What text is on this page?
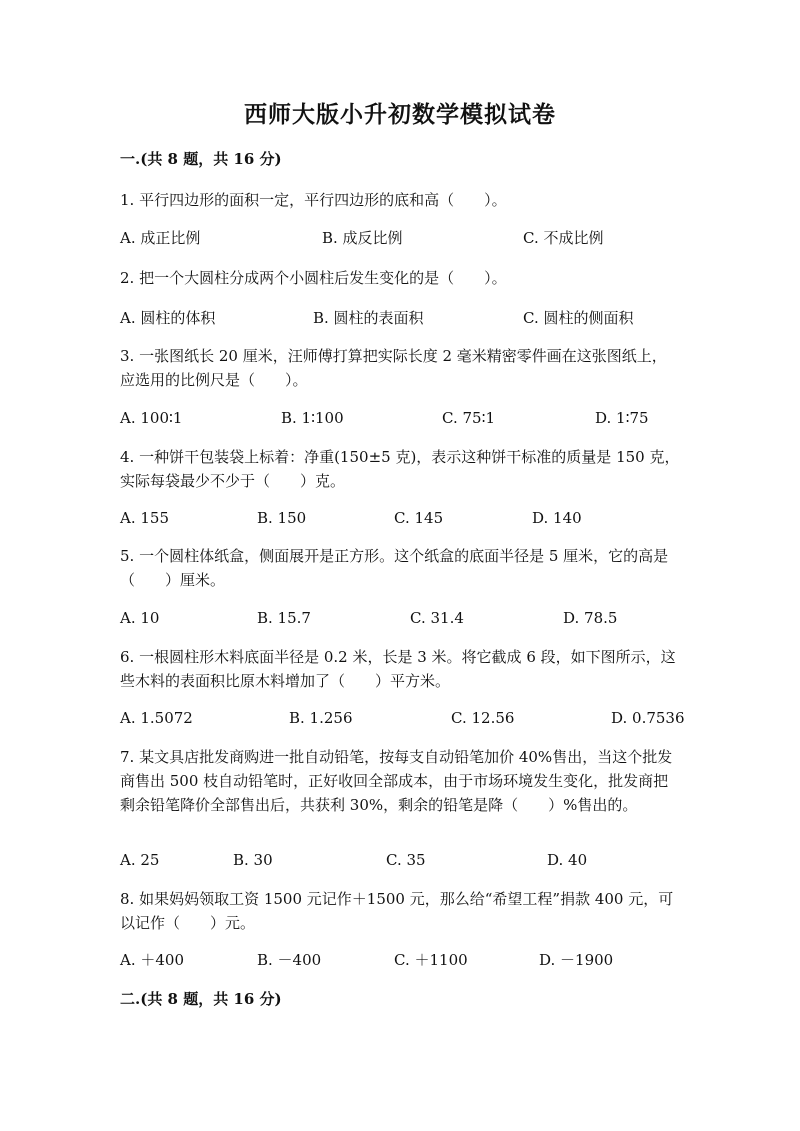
西师大版小升初数学模拟试卷
一.(共 8 题，共 16 分)
1. 平行四边形的面积一定，平行四边形的底和高（　　）。
A. 成正比例	B. 成反比例	C. 不成比例
2. 把一个大圆柱分成两个小圆柱后发生变化的是（　　）。
A. 圆柱的体积	B. 圆柱的表面积	C. 圆柱的侧面积
3. 一张图纸长 20 厘米，汪师傅打算把实际长度 2 毫米精密零件画在这张图纸上，应选用的比例尺是（　　）。
A. 100∶1	B. 1∶100	C. 75∶1	D. 1∶75
4. 一种饼干包装袋上标着：净重(150±5 克)，表示这种饼干标准的质量是 150 克，实际每袋最少不少于（　　）克。
A. 155	B. 150	C. 145	D. 140
5. 一个圆柱体纸盒，侧面展开是正方形。这个纸盒的底面半径是 5 厘米，它的高是（　　）厘米。
A. 10	B. 15.7	C. 31.4	D. 78.5
6. 一根圆柱形木料底面半径是 0.2 米，长是 3 米。将它截成 6 段，如下图所示，这些木料的表面积比原木料增加了（　　）平方米。
A. 1.5072	B. 1.256	C. 12.56	D. 0.7536
7. 某文具店批发商购进一批自动铅笔，按每支自动铅笔加价 40%售出，当这个批发商售出 500 枝自动铅笔时，正好收回全部成本，由于市场环境发生变化，批发商把剩余铅笔降价全部售出后，共获利 30%，剩余的铅笔是降（　　）%售出的。
A. 25	B. 30	C. 35	D. 40
8. 如果妈妈领取工资 1500 元记作＋1500 元，那么给“希望工程”捐款 400 元，可以记作（　　）元。
A. ＋400	B. －400	C. ＋1100	D. －1900
二.(共 8 题，共 16 分)
